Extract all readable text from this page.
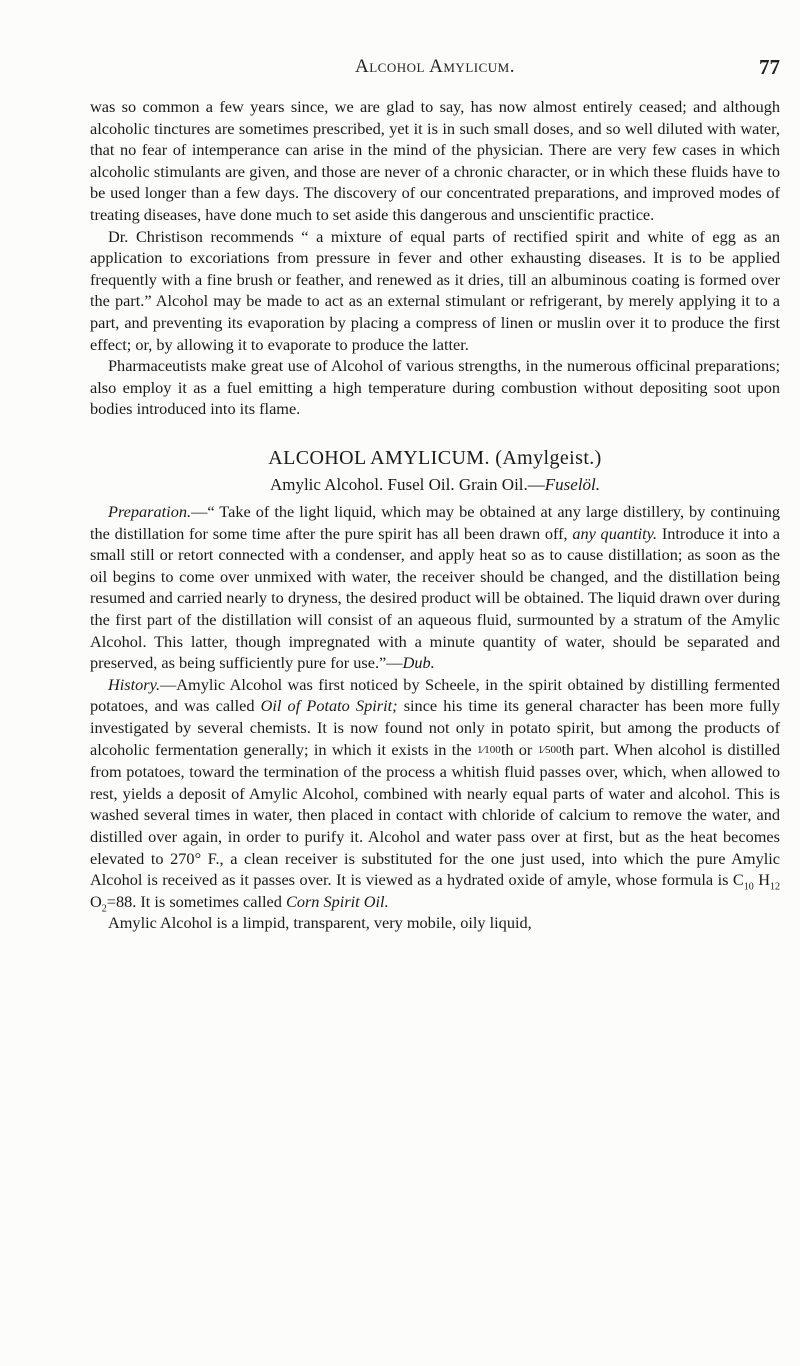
Alcohol Amylicum.	77

was so common a few years since, we are glad to say, has now almost entirely ceased; and although alcoholic tinctures are sometimes prescribed, yet it is in such small doses, and so well diluted with water, that no fear of intemperance can arise in the mind of the physician. There are very few cases in which alcoholic stimulants are given, and those are never of a chronic character, or in which these fluids have to be used longer than a few days. The discovery of our concentrated preparations, and improved modes of treating diseases, have done much to set aside this dangerous and unscientific practice.

Dr. Christison recommends “ a mixture of equal parts of rectified spirit and white of egg as an application to excoriations from pressure in fever and other exhausting diseases. It is to be applied frequently with a fine brush or feather, and renewed as it dries, till an albuminous coating is formed over the part.” Alcohol may be made to act as an external stimulant or refrigerant, by merely applying it to a part, and preventing its evaporation by placing a compress of linen or muslin over it to produce the first effect; or, by allowing it to evaporate to produce the latter.

Pharmaceutists make great use of Alcohol of various strengths, in the numerous officinal preparations; also employ it as a fuel emitting a high temperature during combustion without depositing soot upon bodies introduced into its flame.

ALCOHOL AMYLICUM. (Amylgeist.)
Amylic Alcohol. Fusel Oil. Grain Oil.—Fuselöl.

Preparation.—“ Take of the light liquid, which may be obtained at any large distillery, by continuing the distillation for some time after the pure spirit has all been drawn off, any quantity. Introduce it into a small still or retort connected with a condenser, and apply heat so as to cause distillation; as soon as the oil begins to come over unmixed with water, the receiver should be changed, and the distillation being resumed and carried nearly to dryness, the desired product will be obtained. The liquid drawn over during the first part of the distillation will consist of an aqueous fluid, surmounted by a stratum of the Amylic Alcohol. This latter, though impregnated with a minute quantity of water, should be separated and preserved, as being sufficiently pure for use.”—Dub.

History.—Amylic Alcohol was first noticed by Scheele, in the spirit obtained by distilling fermented potatoes, and was called Oil of Potato Spirit; since his time its general character has been more fully investigated by several chemists. It is now found not only in potato spirit, but among the products of alcoholic fermentation generally; in which it exists in the 1⁄100th or 1⁄500th part. When alcohol is distilled from potatoes, toward the termination of the process a whitish fluid passes over, which, when allowed to rest, yields a deposit of Amylic Alcohol, combined with nearly equal parts of water and alcohol. This is washed several times in water, then placed in contact with chloride of calcium to remove the water, and distilled over again, in order to purify it. Alcohol and water pass over at first, but as the heat becomes elevated to 270° F., a clean receiver is substituted for the one just used, into which the pure Amylic Alcohol is received as it passes over. It is viewed as a hydrated oxide of amyle, whose formula is $C_{10}$ $H_{12}$ $O_2=88$. It is sometimes called Corn Spirit Oil.

Amylic Alcohol is a limpid, transparent, very mobile, oily liquid,
